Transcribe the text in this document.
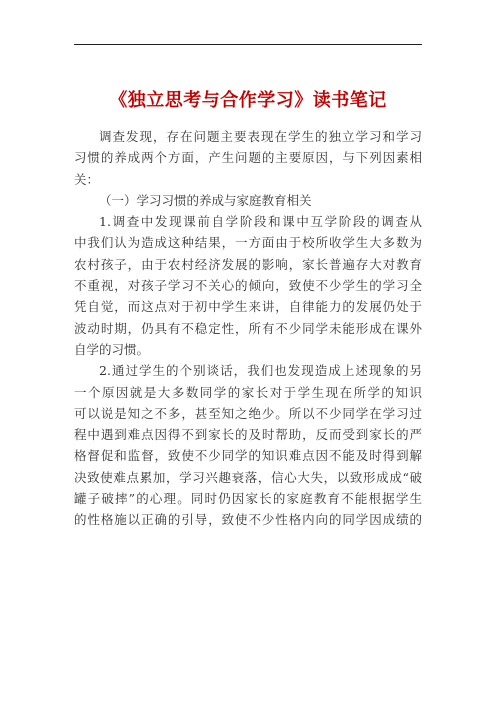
《独立思考与合作学习》读书笔记
调查发现，存在问题主要表现在学生的独立学习和学习
习惯的养成两个方面，产生问题的主要原因，与下列因素相
关：
（一）学习习惯的养成与家庭教育相关
1.调查中发现课前自学阶段和课中互学阶段的调查从
中我们认为造成这种结果，一方面由于校所收学生大多数为
农村孩子，由于农村经济发展的影响，家长普遍存大对教育
不重视，对孩子学习不关心的倾向，致使不少学生的学习全
凭自觉，而这点对于初中学生来讲，自律能力的发展仍处于
波动时期，仍具有不稳定性，所有不少同学未能形成在课外
自学的习惯。
2.通过学生的个别谈话，我们也发现造成上述现象的另
一个原因就是大多数同学的家长对于学生现在所学的知识
可以说是知之不多，甚至知之绝少。所以不少同学在学习过
程中遇到难点因得不到家长的及时帮助，反而受到家长的严
格督促和监督，致使不少同学的知识难点因不能及时得到解
决致使难点累加，学习兴趣衰落，信心大失，以致形成成“破
罐子破摔”的心理。同时仍因家长的家庭教育不能根据学生
的性格施以正确的引导，致使不少性格内向的同学因成绩的
